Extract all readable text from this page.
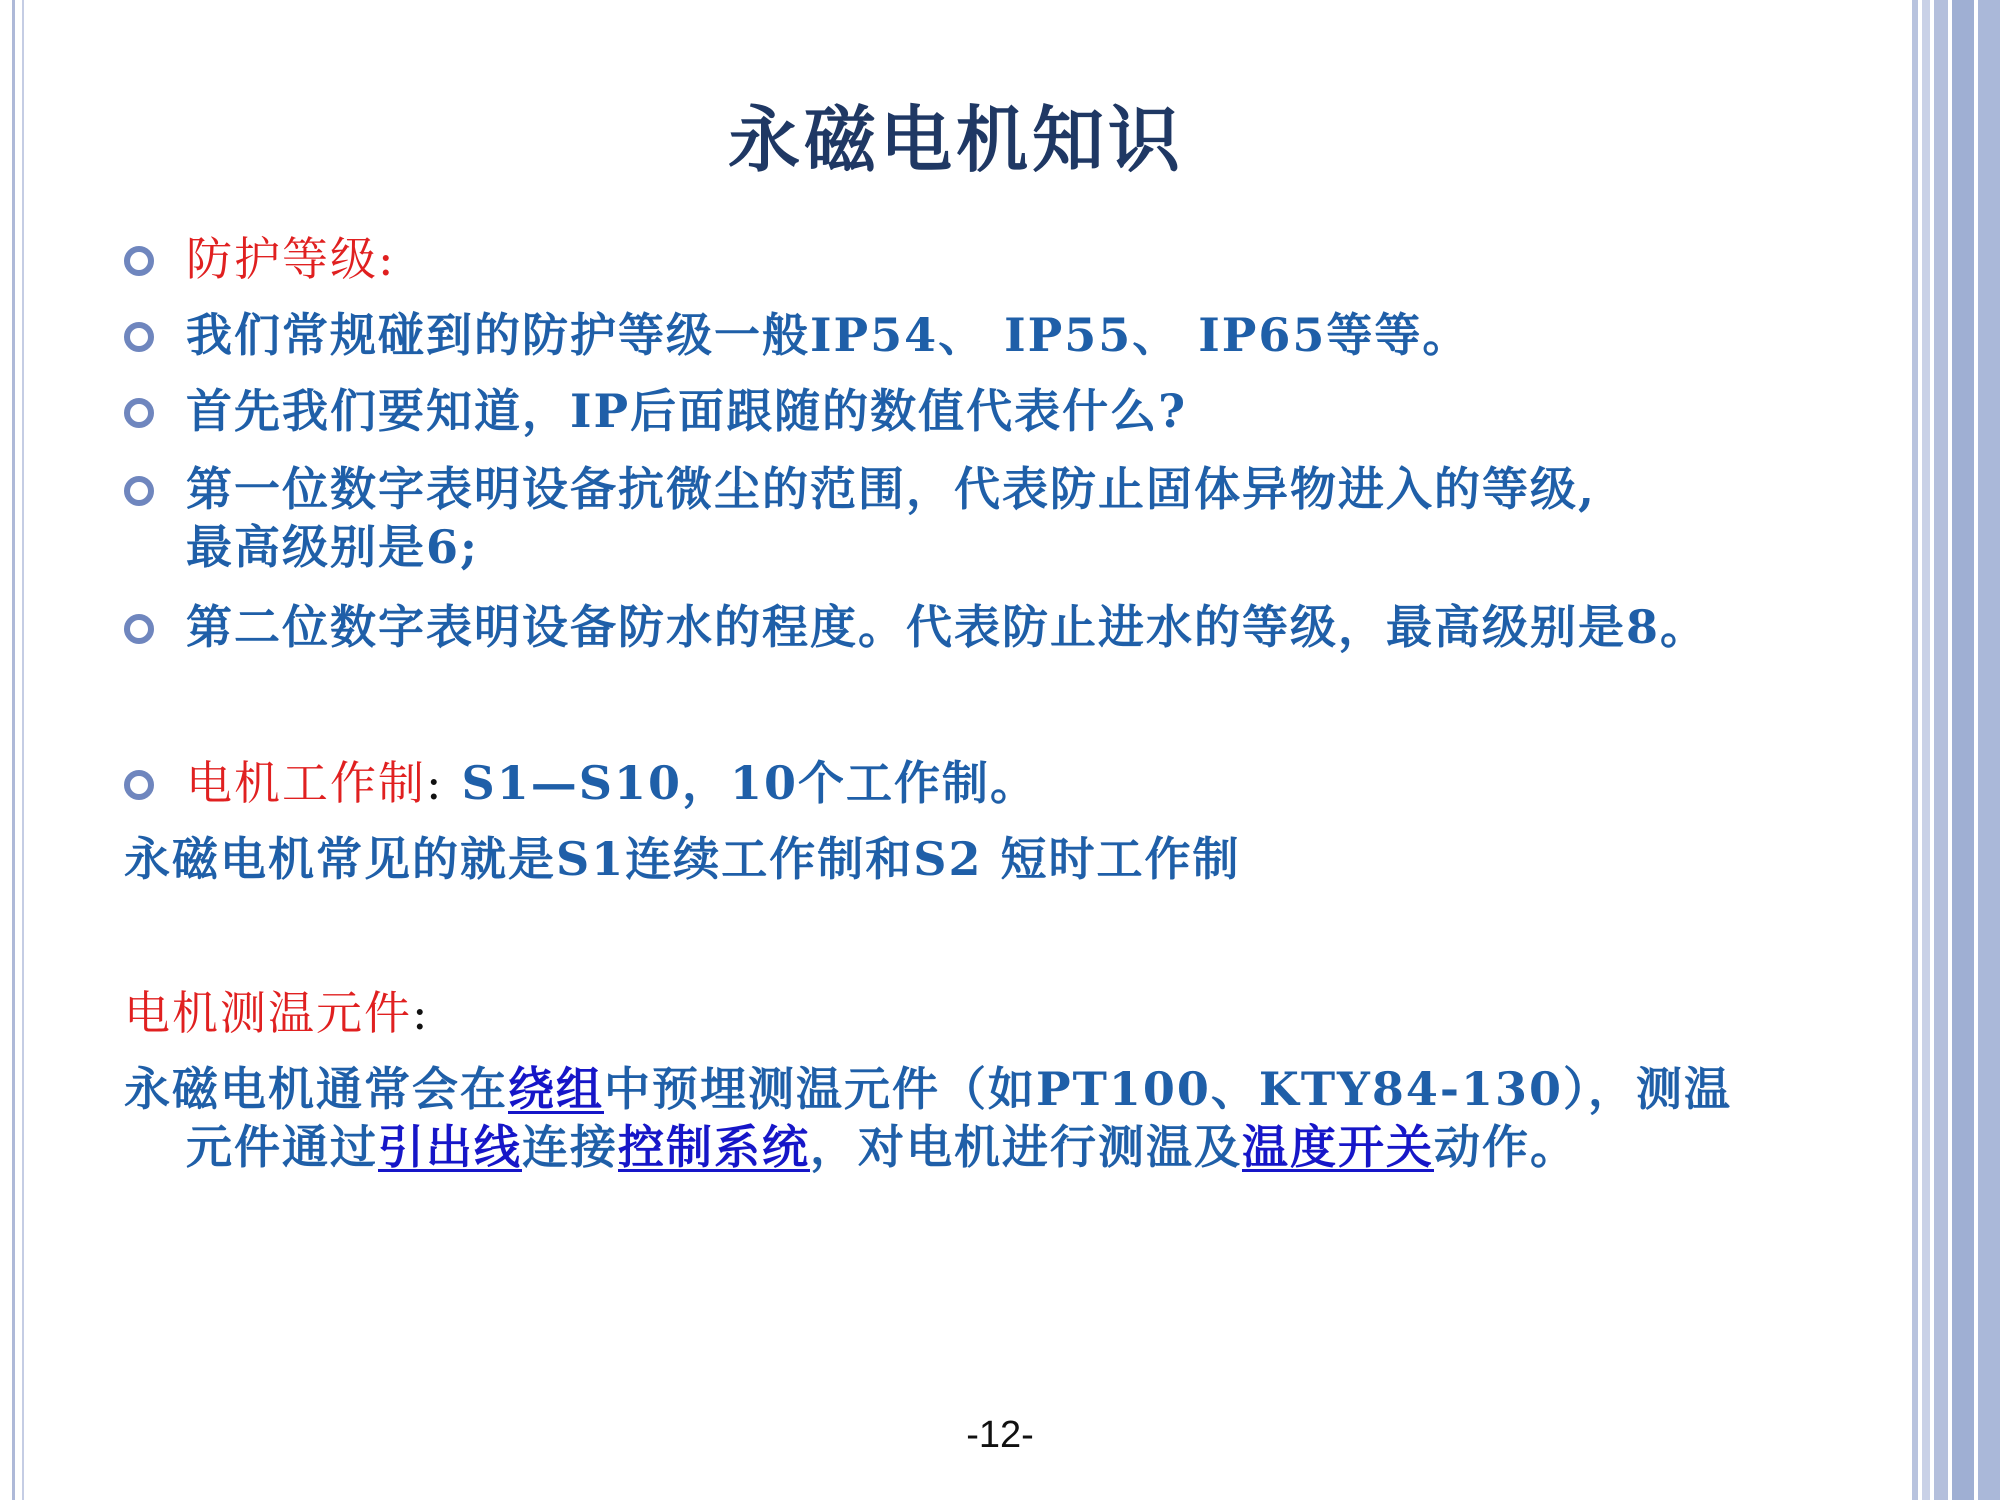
永磁电机知识
防护等级:
我们常规碰到的防护等级一般IP54、 IP55、 IP65等等。
首先我们要知道，IP后面跟随的数值代表什么?
第一位数字表明设备抗微尘的范围，代表防止固体异物进入的等级,
最高级别是6;
第二位数字表明设备防水的程度。代表防止进水的等级，最高级别是8。
电机工作制: S1—S10，10个工作制。
永磁电机常见的就是S1连续工作制和S2 短时工作制
电机测温元件:
永磁电机通常会在绕组中预埋测温元件（如PT100、KTY84-130），测温
元件通过引出线连接控制系统，对电机进行测温及温度开关动作。
-12-
